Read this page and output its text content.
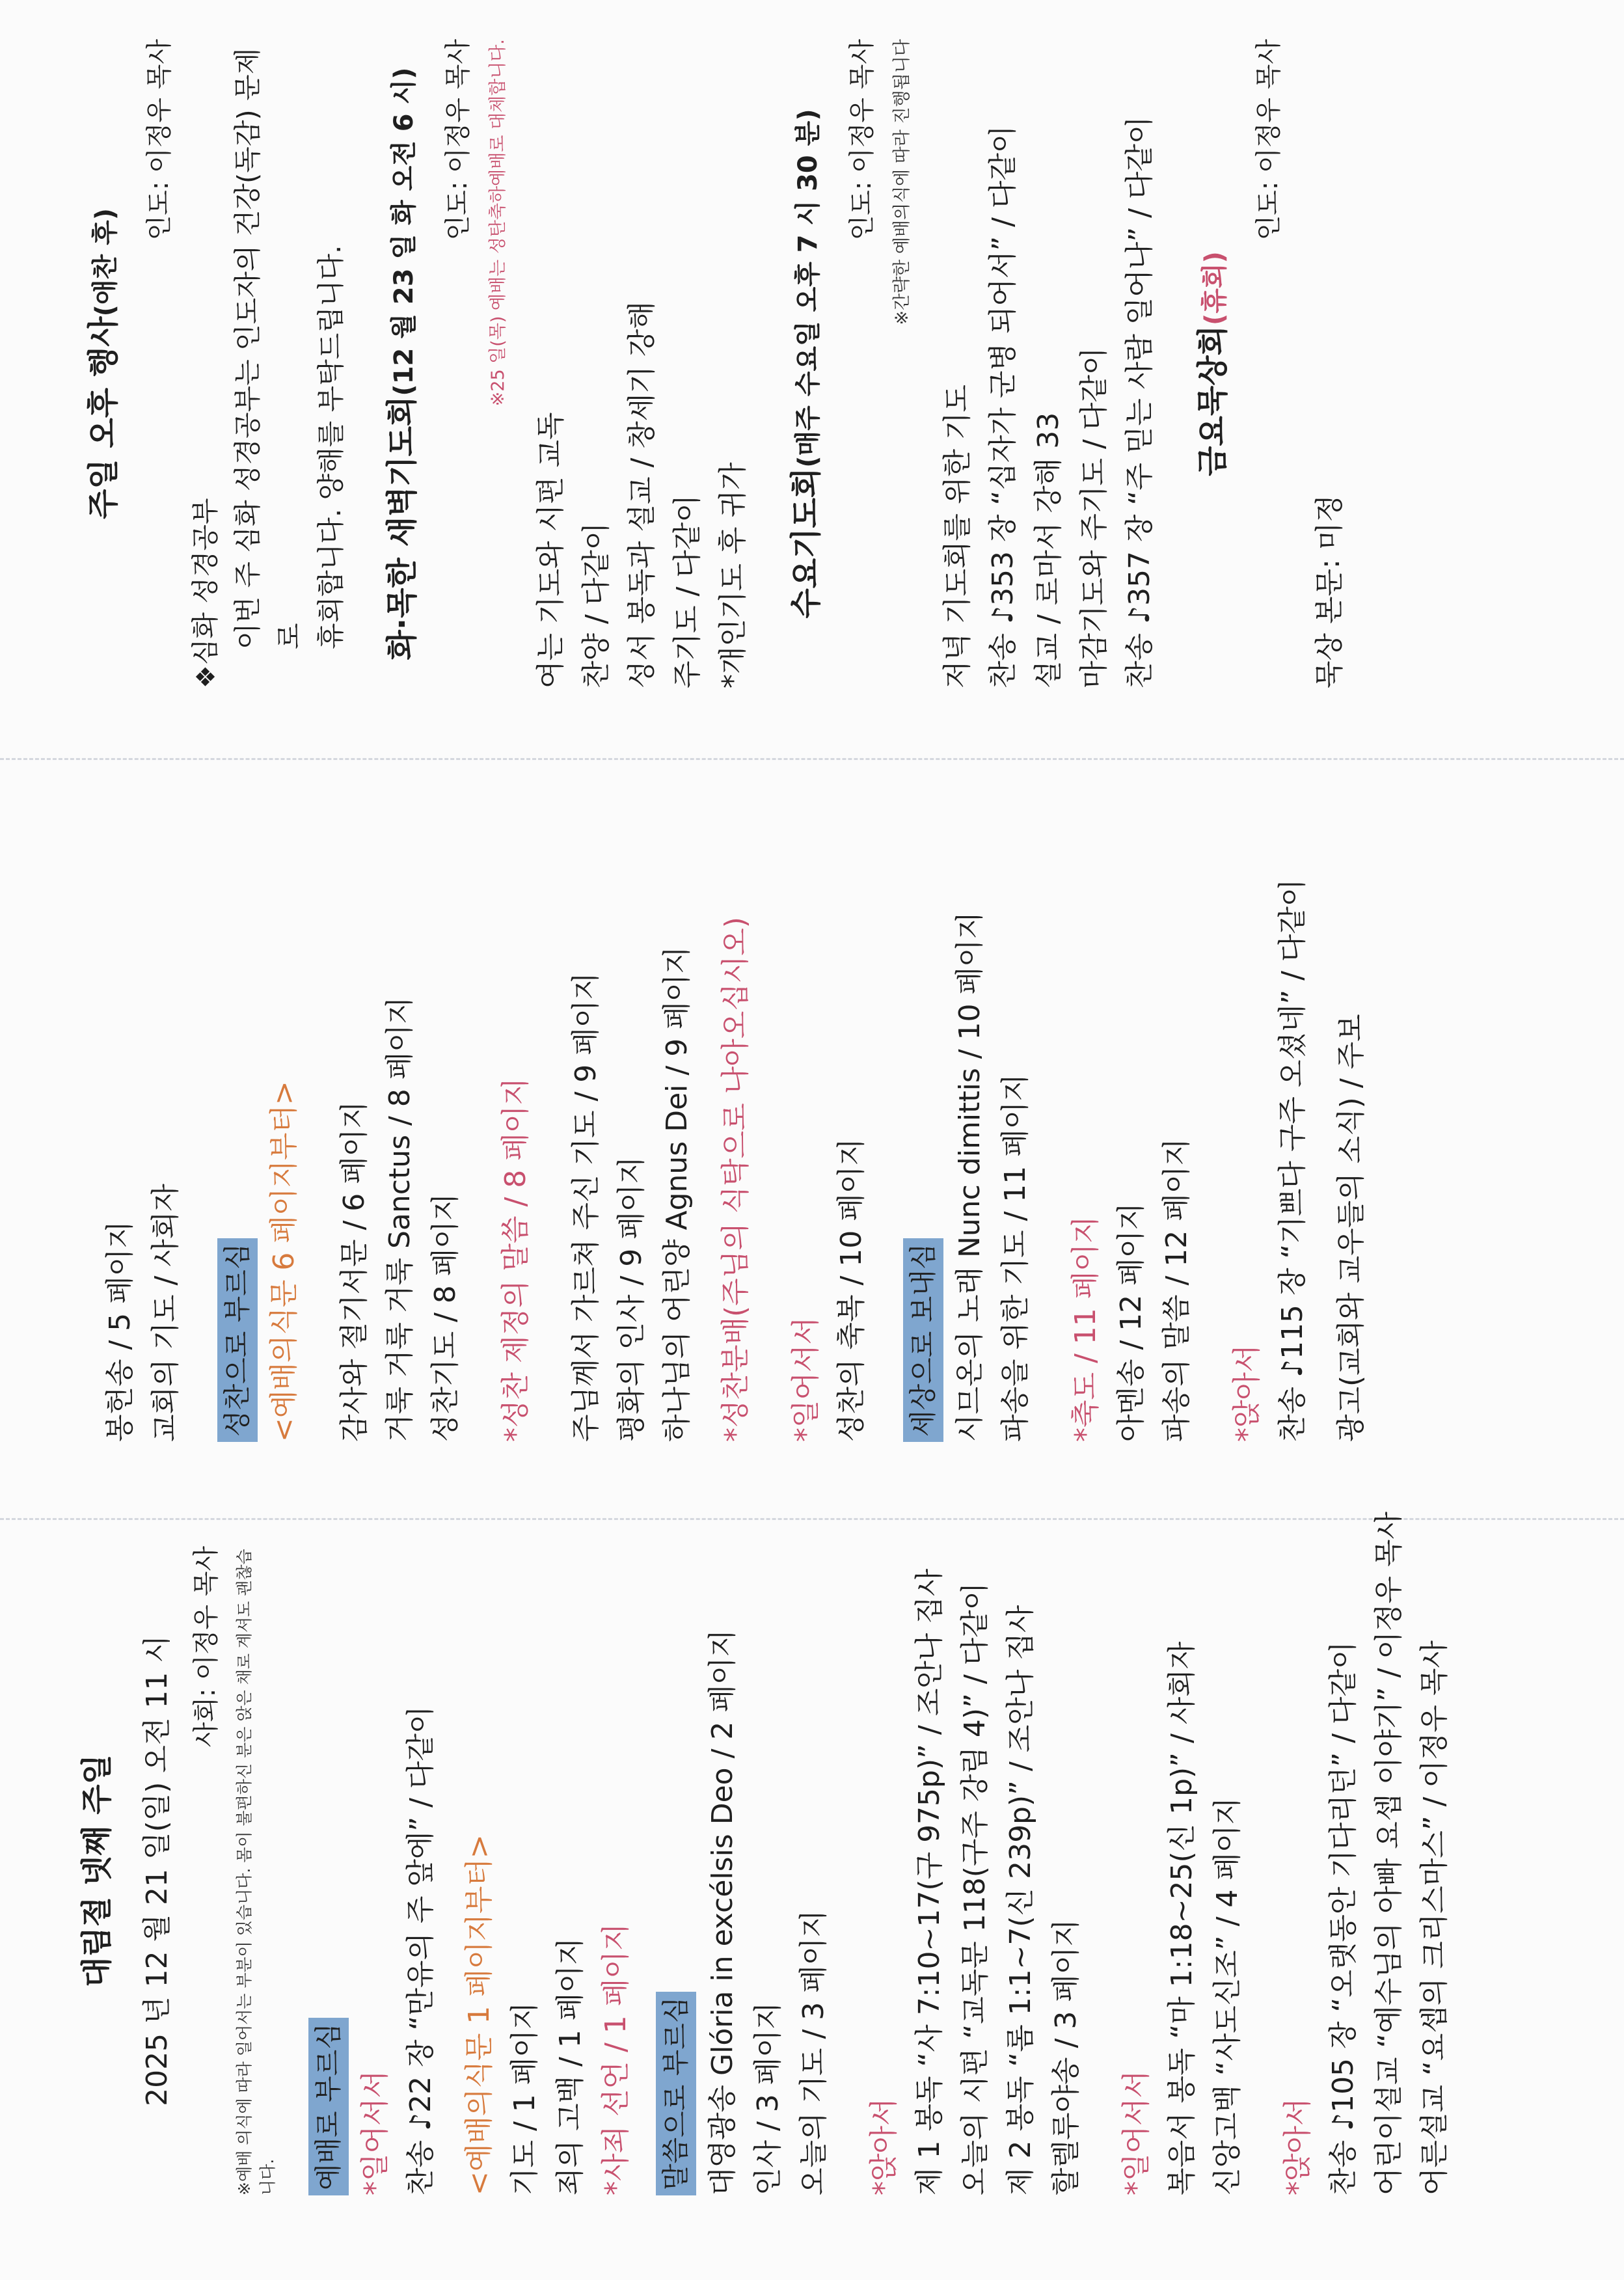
대림절 넷째 주일 2025 년 12 월 21 일(일) 오전 11 시 사회: 이정우 목사 ※예배 의식에 따라 일어서는 부분이 있습니다. 몸이 불편하신 분은 앉은 채로 계셔도 괜찮습니다. 예배로 부르심 *일어서서 찬송 ♪22 장 “만유의 주 앞에” / 다같이 <예배의식문 1 페이지부터> 기도 / 1 페이지 죄의 고백 / 1 페이지 *사죄 선언 / 1 페이지 말씀으로 부르심 대영광송 Glória in excélsis Deo / 2 페이지 인사 / 3 페이지 오늘의 기도 / 3 페이지 *앉아서 제 1 봉독 “사 7:10~17(구 975p)” / 조안나 집사 오늘의 시편 “교독문 118(구주 강림 4)” / 다같이 제 2 봉독 “롬 1:1~7(신 239p)” / 조안나 집사 할렐루야송 / 3 페이지 *일어서서 복음서 봉독 “마 1:18~25(신 1p)” / 사회자 신앙고백 “사도신조” / 4 페이지 *앉아서 찬송 ♪105 장 “오랫동안 기다리던” / 다같이 어린이설교 “예수님의 아빠 요셉 이야기” / 이정우 목사 어른설교 “요셉의 크리스마스” / 이정우 목사

봉헌송 / 5 페이지 교회의 기도 / 사회자 성찬으로 부르심 <예배의식문 6 페이지부터> 감사와 절기서문 / 6 페이지 거룩 거룩 거룩 Sanctus / 8 페이지 성찬기도 / 8 페이지 *성찬 제정의 말씀 / 8 페이지 주님께서 가르쳐 주신 기도 / 9 페이지 평화의 인사 / 9 페이지 하나님의 어린양 Agnus Dei / 9 페이지 *성찬분배(주님의 식탁으로 나아오십시오) *일어서서 성찬의 축복 / 10 페이지 세상으로 보내심 시므온의 노래 Nunc dimittis / 10 페이지 파송을 위한 기도 / 11 페이지 *축도 / 11 페이지 아멘송 / 12 페이지 파송의 말씀 / 12 페이지 *앉아서 찬송 ♪115 장 “기쁘다 구주 오셨네” / 다같이 광고(교회와 교우들의 소식) / 주보

주일 오후 행사(애찬 후)

인도: 이정우 목사

❖심화 성경공부 이번 주 심화 성경공부는 인도자의 건강(독감) 문제로 휴회합니다. 양해를 부탁드립니다. 화·목한 새벽기도회(12 월 23 일 화 오전 6 시) 인도: 이정우 목사 ※25 일(목) 예배는 성탄축하예배로 대체합니다.

여는 기도와 시편 교독 찬양 / 다같이 성서 봉독과 설교 / 창세기 강해 주기도 / 다같이 *개인기도 후 귀가 수요기도회(매주 수요일 오후 7 시 30 분) 인도: 이정우 목사 ※간략한 예배의식에 따라 진행됩니다

저녁 기도회를 위한 기도 찬송 ♪353 장 “십자가 군병 되어서” / 다같이 설교 / 로마서 강해 33 마감기도와 주기도 / 다같이 찬송 ♪357 장 “주 믿는 사람 일어나” / 다같이 금요묵상회(휴회)

인도: 이정우 목사

묵상 본문: 미정
